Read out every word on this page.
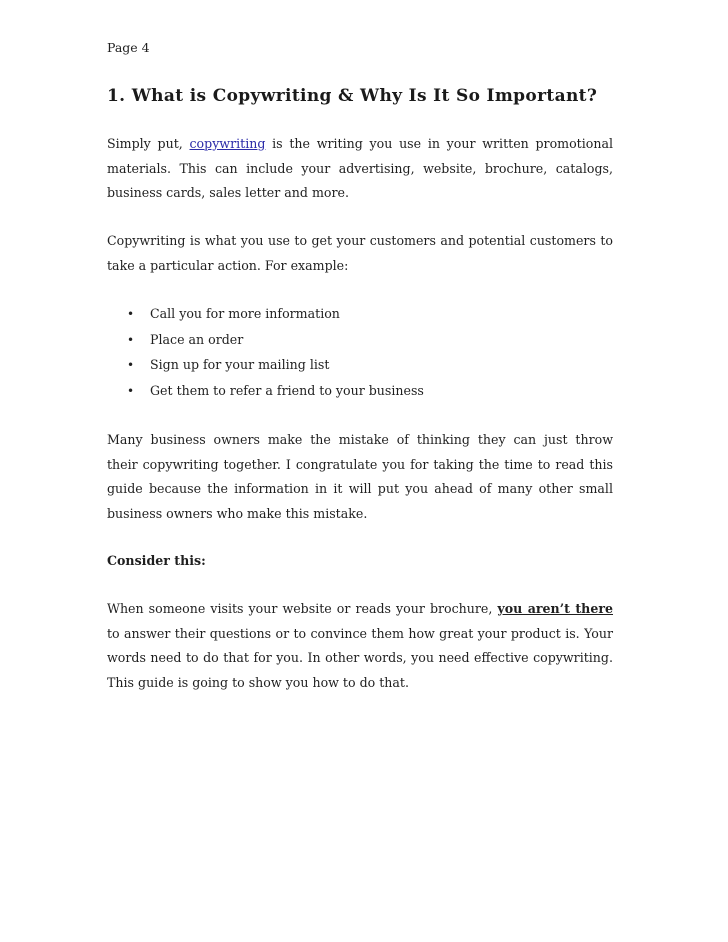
Page 4
1. What is Copywriting & Why Is It So Important?
Simply put, copywriting is the writing you use in your written promotional
materials. This can include your advertising, website, brochure, catalogs,
business cards, sales letter and more.
Copywriting is what you use to get your customers and potential customers to
take a particular action. For example:
•	Call you for more information
•	Place an order
•	Sign up for your mailing list
•	Get them to refer a friend to your business
Many business owners make the mistake of thinking they can just throw
their copywriting together. I congratulate you for taking the time to read this
guide because the information in it will put you ahead of many other small
business owners who make this mistake.
Consider this:
When someone visits your website or reads your brochure, you aren’t there
to answer their questions or to convince them how great your product is. Your
words need to do that for you. In other words, you need effective copywriting.
This guide is going to show you how to do that.
